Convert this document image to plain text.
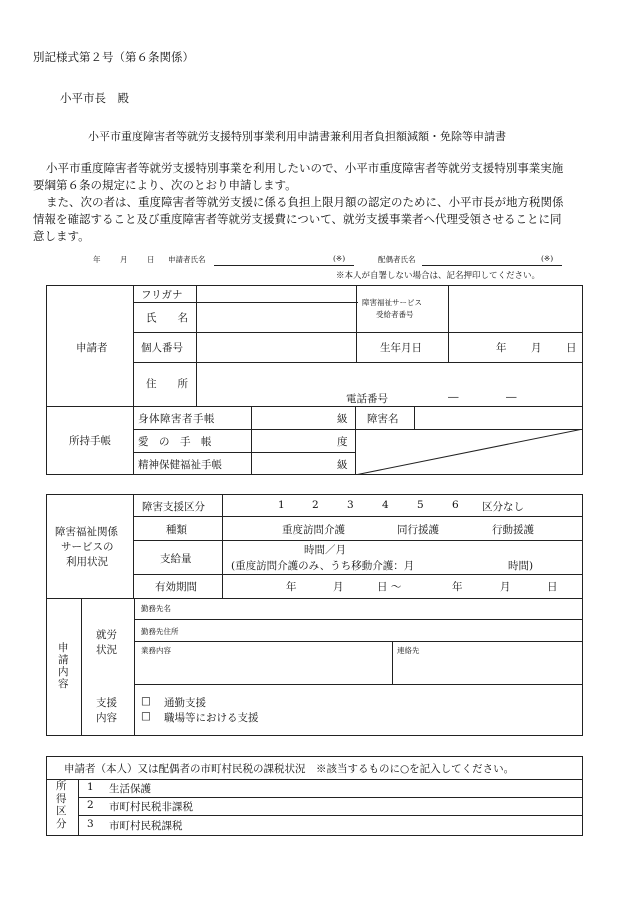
別記様式第２号（第６条関係）
小平市長　殿
小平市重度障害者等就労支援特別事業利用申請書兼利用者負担額減額・免除等申請書
小平市重度障害者等就労支援特別事業を利用したいので、小平市重度障害者等就労支援特別事業実施
要綱第６条の規定により、次のとおり申請します。
また、次の者は、重度障害者等就労支援に係る負担上限月額の認定のために、小平市長が地方税関係
情報を確認すること及び重度障害者等就労支援費について、就労支援事業者へ代理受領させることに同
意します。
年	月	日 申請者氏名	(※)	配偶者氏名	(※)
※本人が自署しない場合は、記名押印してください。
申請者
フリガナ
氏　　名
障害福祉サービス
受給者番号
個人番号	生年月日	年 月 日
住　　所
電話番号	―	―
所持手帳
身体障害者手帳	級 障害名
愛　の　手　帳	度
精神保健福祉手帳	級
障害福祉関係
サービスの
利用状況
障害支援区分	1	2	3	4	5	6 区分なし
種類	重度訪問介護	同行援護	行動援護
支給量
時間／月
(重度訪問介護のみ、うち移動介護：月	時間)
有効期間	年	月	日 〜	年	月	日
申請内容
就労
状況
勤務先名
勤務先住所
業務内容	連絡先
支援
内容
□ 通勤支援
□ 職場等における支援
申請者（本人）又は配偶者の市町村民税の課税状況　※該当するものに○を記入してください。
所得区分
1 生活保護
2 市町村民税非課税
3 市町村民税課税
